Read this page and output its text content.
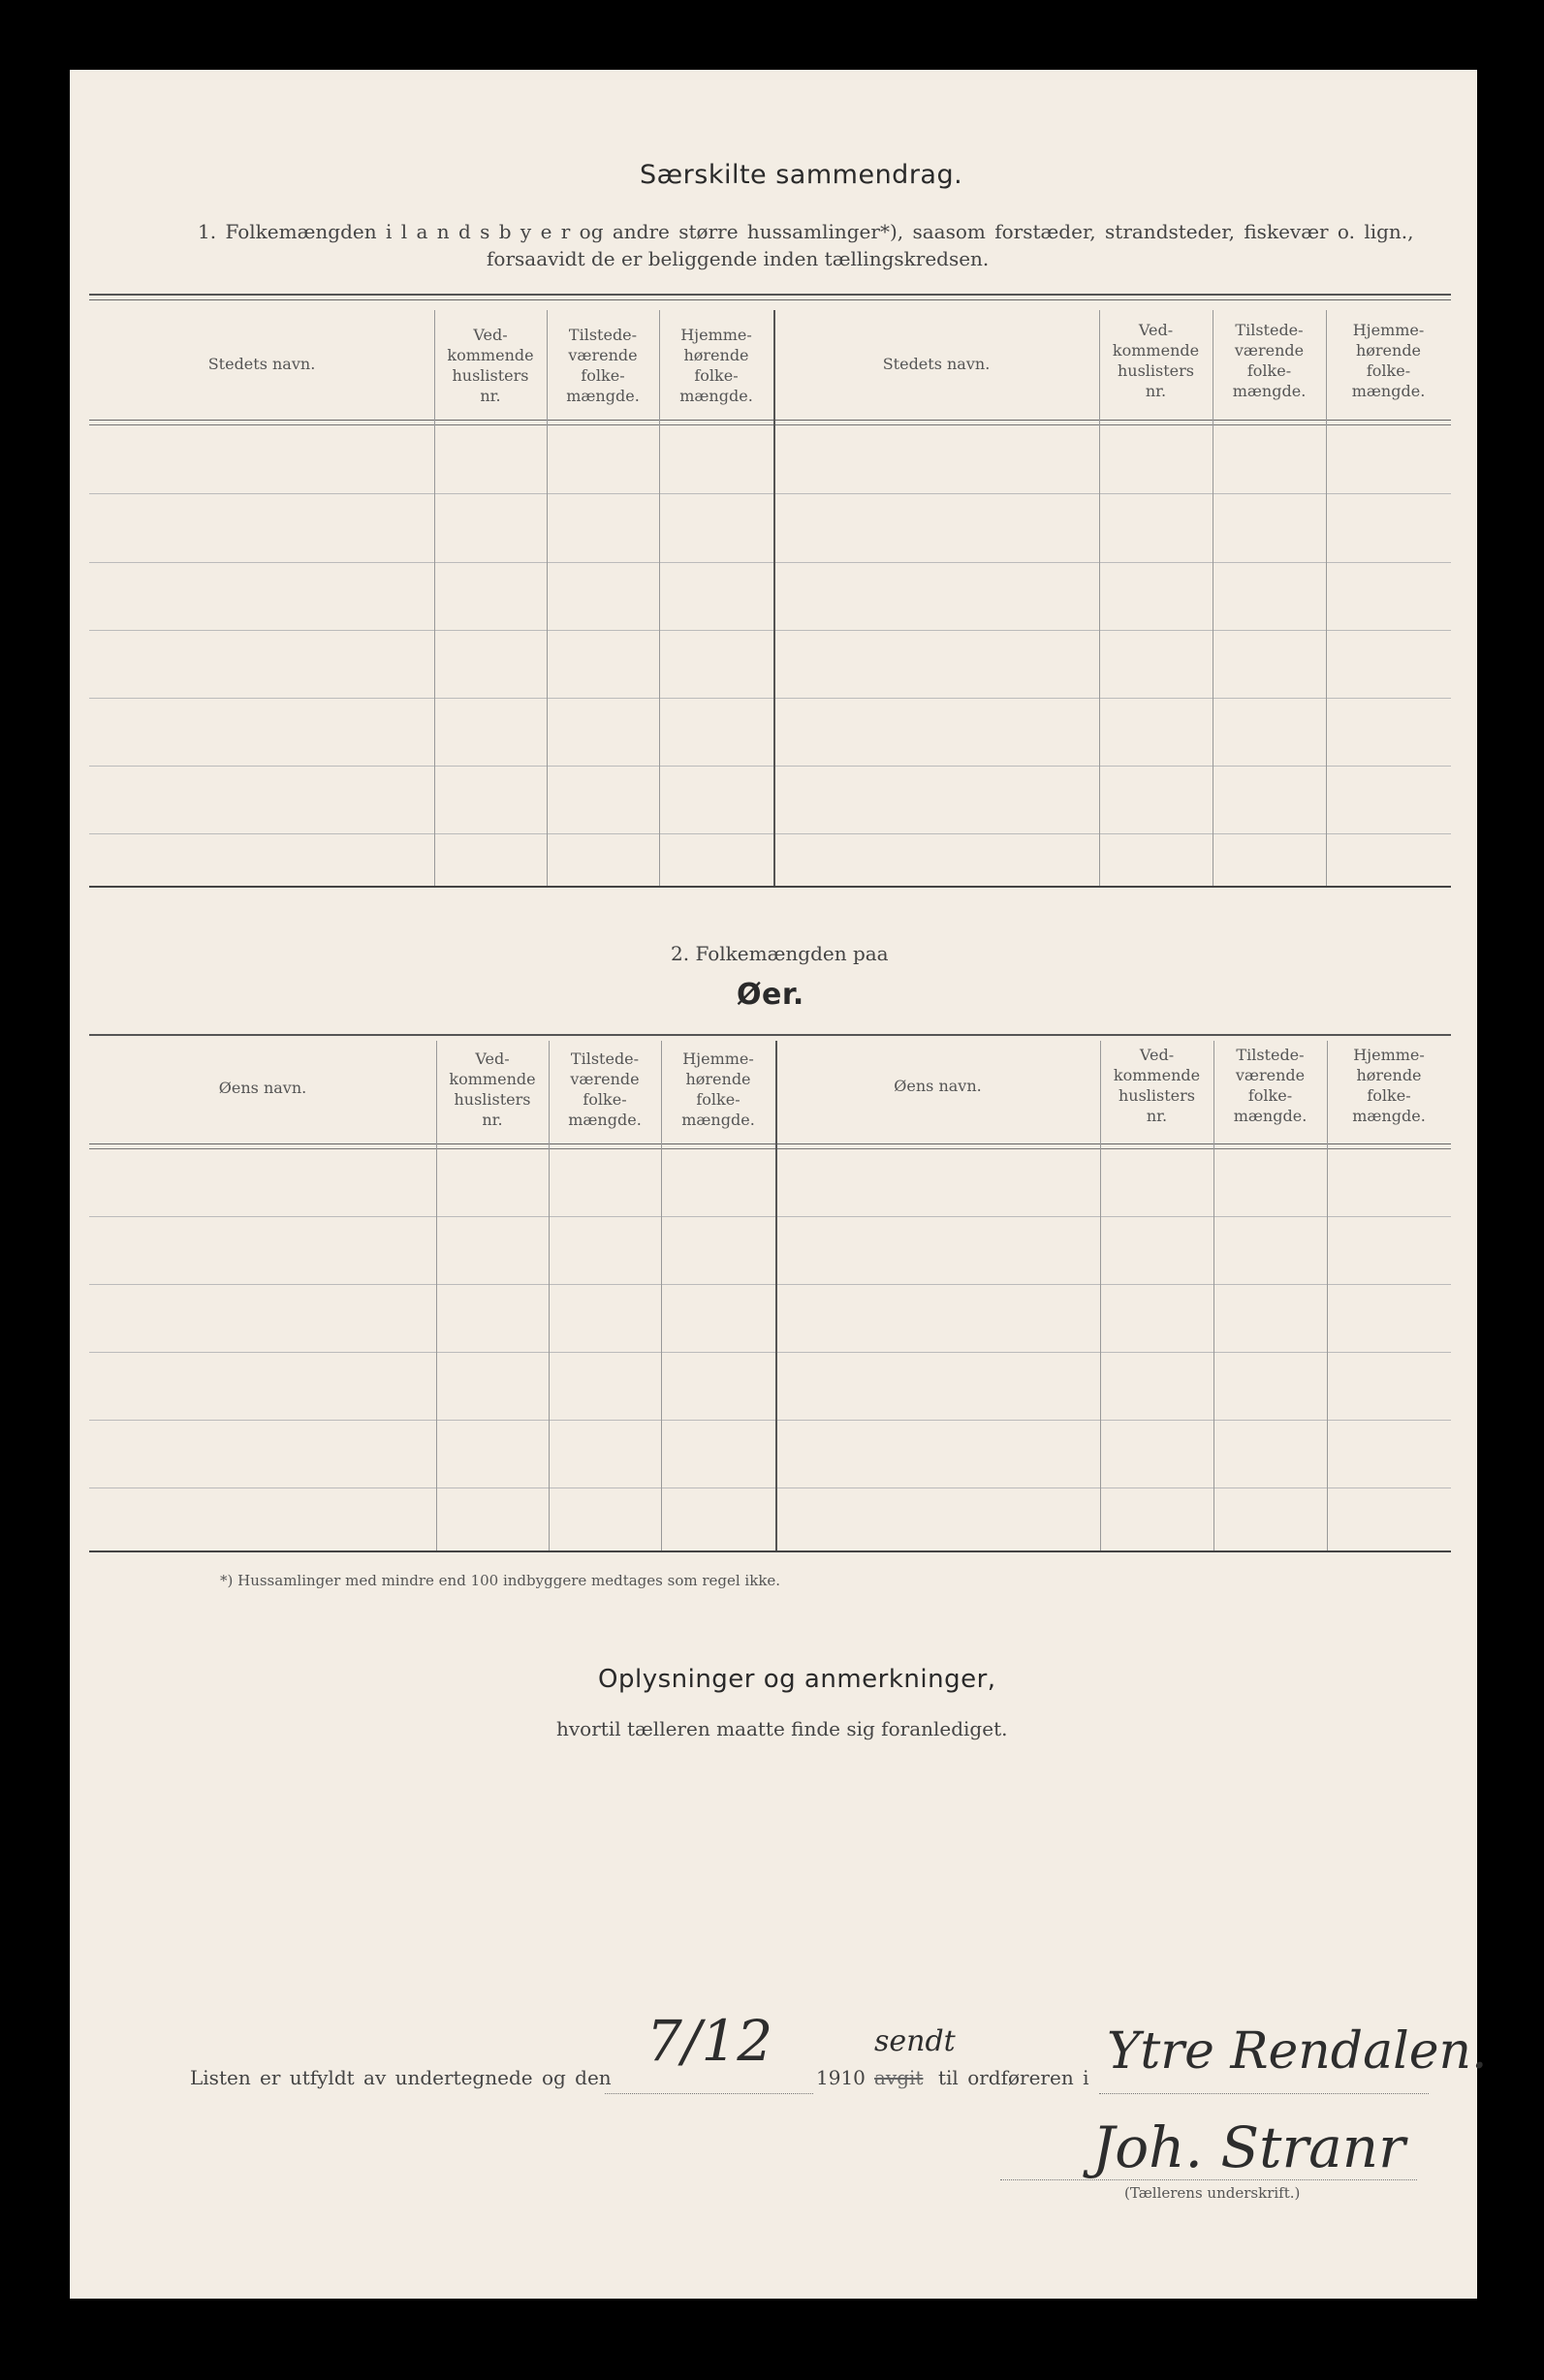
Særskilte sammendrag.
1. Folkemængden i l a n d s b y e r og andre større hussamlinger*), saasom forstæder, strandsteder, fiskevær o. lign.,
forsaavidt de er beliggende inden tællingskredsen.
Stedets navn.
Ved-
kommende
huslisters
nr.
Tilstede-
værende
folke-
mængde.
Hjemme-
hørende
folke-
mængde.
Stedets navn.
Ved-
kommende
huslisters
nr.
Tilstede-
værende
folke-
mængde.
Hjemme-
hørende
folke-
mængde.
2. Folkemængden paa
Øer.
Øens navn.
Ved-
kommende
huslisters
nr.
Tilstede-
værende
folke-
mængde.
Hjemme-
hørende
folke-
mængde.
Øens navn.
Ved-
kommende
huslisters
nr.
Tilstede-
værende
folke-
mængde.
Hjemme-
hørende
folke-
mængde.
*) Hussamlinger med mindre end 100 indbyggere medtages som regel ikke.
Oplysninger og anmerkninger,
hvortil tælleren maatte finde sig foranlediget.
Listen er utfyldt av undertegnede og den
7/12
1910
sendt
avgit til ordføreren i Ytre Rendalen.
Joh. Stranr
(Tællerens underskrift.)
